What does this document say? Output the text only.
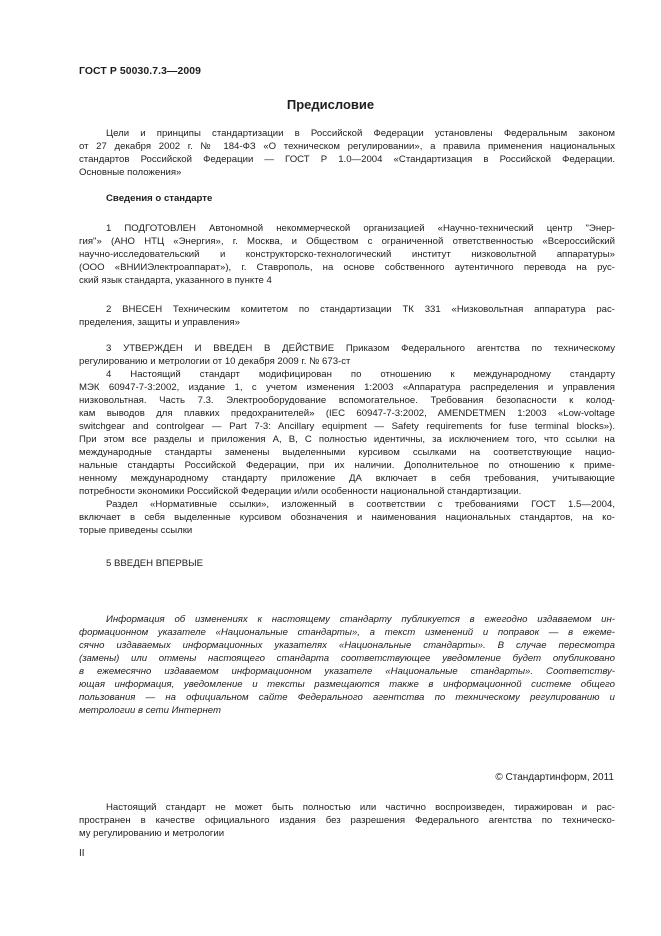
ГОСТ Р 50030.7.3—2009
Предисловие
Цели и принципы стандартизации в Российской Федерации установлены Федеральным законом
от 27 декабря 2002 г. № 184-ФЗ «О техническом регулировании», а правила применения национальных
стандартов Российской Федерации — ГОСТ Р 1.0—2004 «Стандартизация в Российской Федерации.
Основные положения»
Сведения о стандарте
1 ПОДГОТОВЛЕН Автономной некоммерческой организацией «Научно-технический центр "Энер-
гия"» (АНО НТЦ «Энергия», г. Москва, и Обществом с ограниченной ответственностью «Всероссийский
научно-исследовательский и конструкторско-технологический институт низковольтной аппаратуры»
(ООО «ВНИИЭлектроаппарат»), г. Ставрополь, на основе собственного аутентичного перевода на рус-
ский язык стандарта, указанного в пункте 4
2 ВНЕСЕН Техническим комитетом по стандартизации ТК 331 «Низковольтная аппаратура рас-
пределения, защиты и управления»
3 УТВЕРЖДЕН И ВВЕДЕН В ДЕЙСТВИЕ Приказом Федерального агентства по техническому
регулированию и метрологии от 10 декабря 2009 г. № 673-ст
4 Настоящий стандарт модифицирован по отношению к международному стандарту
МЭК 60947-7-3:2002, издание 1, с учетом изменения 1:2003 «Аппаратура распределения и управления
низковольтная. Часть 7.3. Электрооборудование вспомогательное. Требования безопасности к колод-
кам выводов для плавких предохранителей» (IEC 60947-7-3:2002, AMENDETMEN 1:2003 «Low-voltage
switchgear and controlgear — Part 7-3: Ancillary equipment — Safety requirements for fuse terminal blocks»).
При этом все разделы и приложения А, В, С полностью идентичны, за исключением того, что ссылки на
международные стандарты заменены выделенными курсивом ссылками на соответствующие нацио-
нальные стандарты Российской Федерации, при их наличии. Дополнительное по отношению к приме-
ненному международному стандарту приложение ДА включает в себя требования, учитывающие
потребности экономики Российской Федерации и/или особенности национальной стандартизации.
Раздел «Нормативные ссылки», изложенный в соответствии с требованиями ГОСТ 1.5—2004,
включает в себя выделенные курсивом обозначения и наименования национальных стандартов, на ко-
торые приведены ссылки
5 ВВЕДЕН ВПЕРВЫЕ
Информация об изменениях к настоящему стандарту публикуется в ежегодно издаваемом ин-
формационном указателе «Национальные стандарты», а текст изменений и поправок — в ежеме-
сячно издаваемых информационных указателях «Национальные стандарты». В случае пересмотра
(замены) или отмены настоящего стандарта соответствующее уведомление будет опубликовано
в ежемесячно издаваемом информационном указателе «Национальные стандарты». Соответству-
ющая информация, уведомление и тексты размещаются также в информационной системе общего
пользования — на официальном сайте Федерального агентства по техническому регулированию и
метрологии в сети Интернет
© Стандартинформ, 2011
Настоящий стандарт не может быть полностью или частично воспроизведен, тиражирован и рас-
пространен в качестве официального издания без разрешения Федерального агентства по техническо-
му регулированию и метрологии
II
